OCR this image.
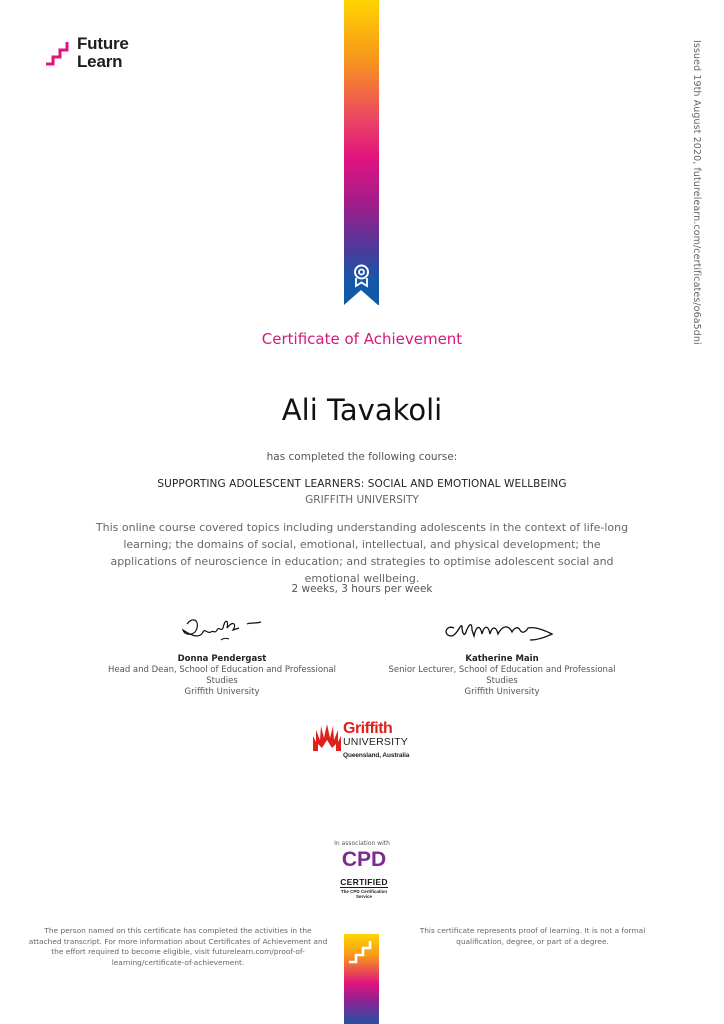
Future
Learn	Issued 19th August 2020, futurelearn.com/certificates/o6a5dni
Certificate of Achievement
Ali Tavakoli
has completed the following course:
SUPPORTING ADOLESCENT LEARNERS: SOCIAL AND EMOTIONAL WELLBEING
GRIFFITH UNIVERSITY
This online course covered topics including understanding adolescents in the context of life-long learning; the domains of social, emotional, intellectual, and physical development; the applications of neuroscience in education; and strategies to optimise adolescent social and emotional wellbeing.
2 weeks, 3 hours per week
Donna Pendergast
Head and Dean, School of Education and Professional Studies
Griffith University
Katherine Main
Senior Lecturer, School of Education and Professional Studies
Griffith University
Griffith
UNIVERSITY
Queensland, Australia
In association with
CPD
CERTIFIED
The CPD Certification Service
The person named on this certificate has completed the activities in the attached transcript. For more information about Certificates of Achievement and the effort required to become eligible, visit futurelearn.com/proof-of-learning/certificate-of-achievement.
This certificate represents proof of learning. It is not a formal qualification, degree, or part of a degree.
